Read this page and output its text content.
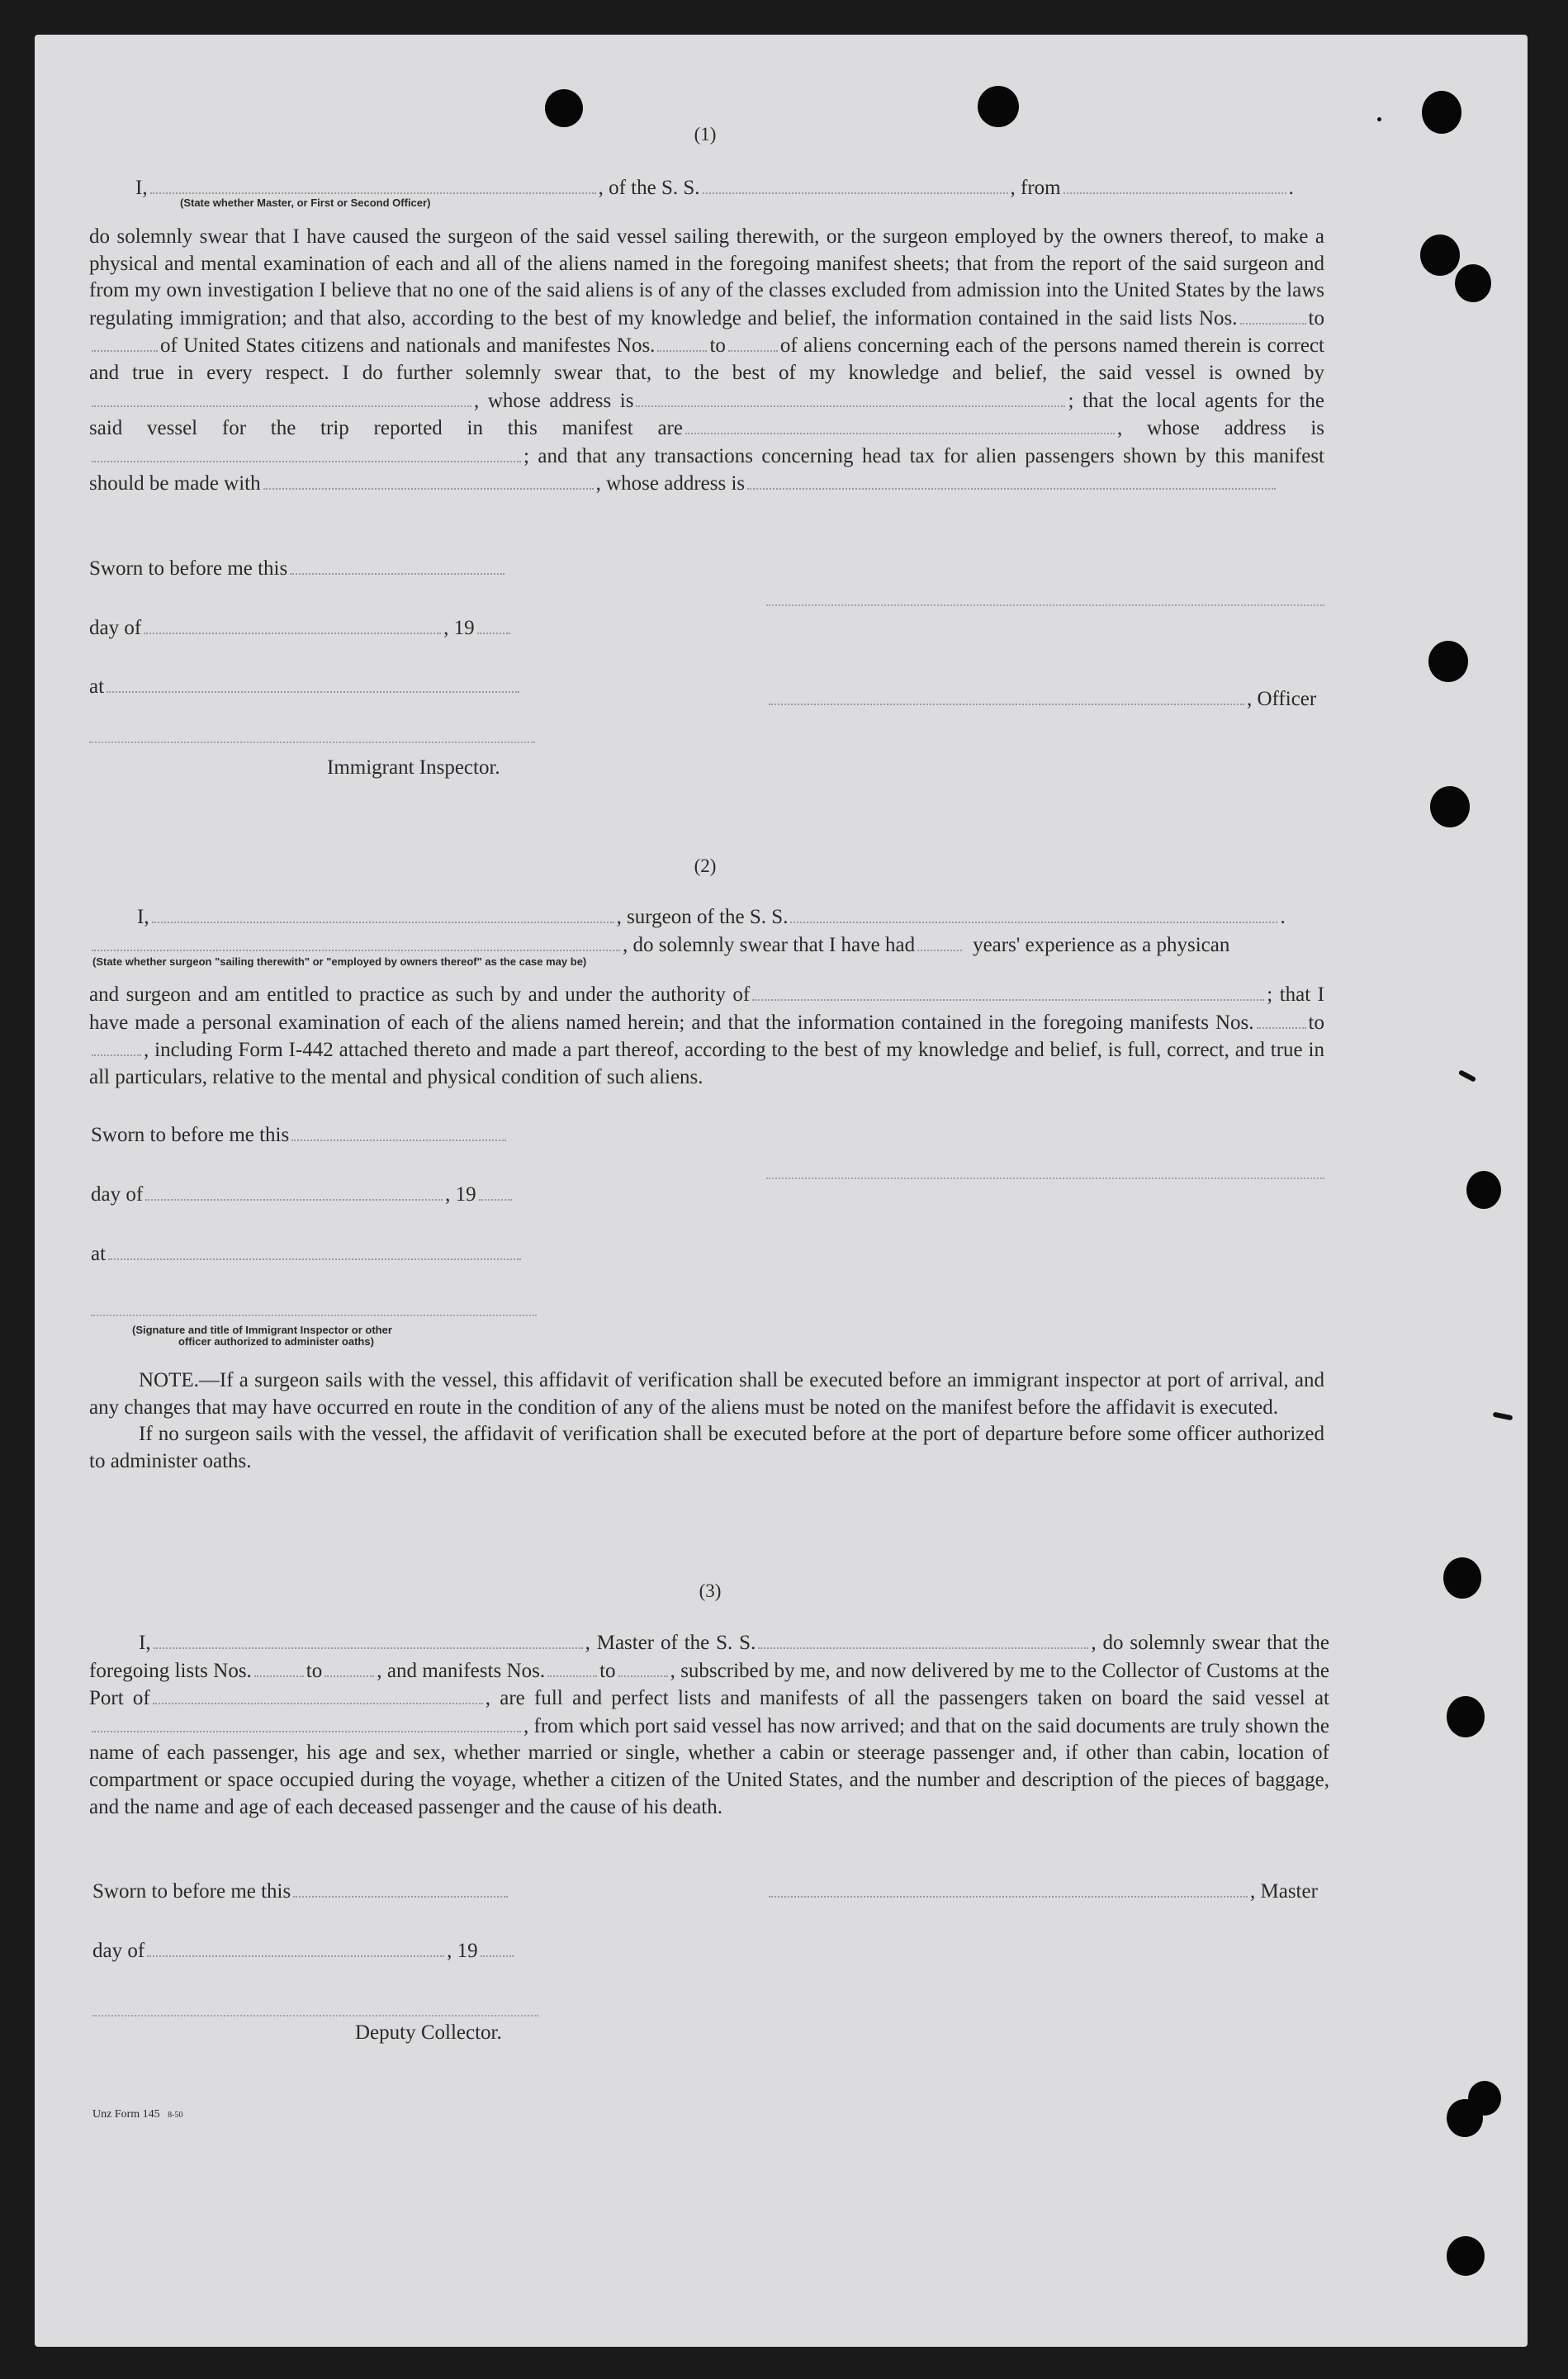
(1)
I,	, of the S. S.	, from	.
(State whether Master, or First or Second Officer)
do solemnly swear that I have caused the surgeon of the said vessel sailing therewith, or the surgeon employed by the owners thereof, to make a physical and mental examination of each and all of the aliens named in the foregoing manifest sheets; that from the report of the said surgeon and from my own investigation I believe that no one of the said aliens is of any of the classes excluded from admission into the United States by the laws regulating immigration; and that also, according to the best of my knowledge and belief, the information contained in the said lists Nos.	toof United States citizens and nationals and manifestes Nos.	to	of aliens concerning each of the persons named therein is correct and true in every respect. I do further solemnly swear that, to the best of my knowledge and belief, the said vessel is owned by, whose address is	; that the local agents for the said vessel for the trip reported in this manifest are	, whose address is; and that any transactions concerning head tax for alien passengers shown by this manifest should be made with	, whose address is
Sworn to before me this
day of	, 19
at
, Officer
Immigrant Inspector.
(2)
I,	, surgeon of the S. S.	.
, do solemnly swear that I have had	years' experience as a physican
(State whether surgeon "sailing therewith" or "employed by owners thereof" as the case may be)
and surgeon and am entitled to practice as such by and under the authority of	; that I have made a personal examination of each of the aliens named herein; and that the information contained in the foregoing manifests Nos.	to, including Form I-442 attached thereto and made a part thereof, according to the best of my knowledge and belief, is full, correct, and true in all particulars, relative to the mental and physical condition of such aliens.
Sworn to before me this
day of	, 19
at
(Signature and title of Immigrant Inspector or other
officer authorized to administer oaths)

NOTE.—If a surgeon sails with the vessel, this affidavit of verification shall be executed before an immigrant inspector at port of arrival, and any changes that may have occurred en route in the condition of any of the aliens must be noted on the manifest before the affidavit is executed.

If no surgeon sails with the vessel, the affidavit of verification shall be executed before at the port of departure before some officer authorized to administer oaths.

(3)

I,	, Master of the S. S.	, do solemnly swear that the foregoing lists Nos.	to	, and manifests Nos.	to	, subscribed by me, and now delivered by me to the Collector of Customs at the Port of	, are full and perfect lists and manifests of all the passengers taken on board the said vessel at, from which port said vessel has now arrived; and that on the said documents are truly shown the name of each passenger, his age and sex, whether married or single, whether a cabin or steerage passenger and, if other than cabin, location of compartment or space occupied during the voyage, whether a citizen of the United States, and the number and description of the pieces of baggage, and the name and age of each deceased passenger and the cause of his death.

Sworn to before me this	, Master
day of	, 19
Deputy Collector.
Unz Form 145 8-50
